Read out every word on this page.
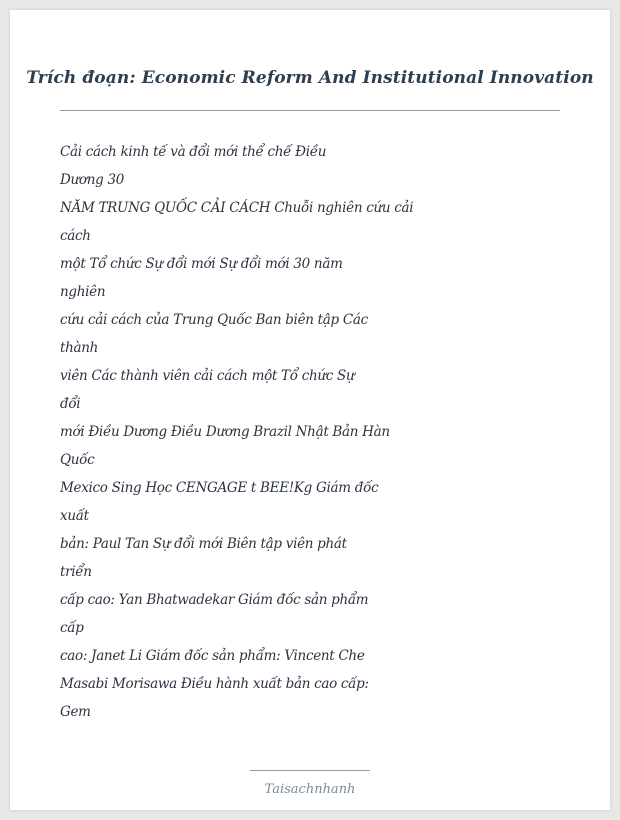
Trích đoạn: Economic Reform And Institutional Innovation
Cải cách kinh tế và đổi mới thể chế Điều
Dương 30
NĂM TRUNG QUỐC CẢI CÁCH Chuỗi nghiên cứu cải
cách
một Tổ chức Sự đổi mới Sự đổi mới 30 năm
nghiên
cứu cải cách của Trung Quốc Ban biên tập Các
thành
viên Các thành viên cải cách một Tổ chức Sự
đổi
mới Điều Dương Điều Dương Brazil Nhật Bản Hàn
Quốc
Mexico Sing Học CENGAGE t BEE!Kg Giám đốc
xuất
bản: Paul Tan Sự đổi mới Biên tập viên phát
triển
cấp cao: Yan Bhatwadekar Giám đốc sản phẩm
cấp
cao: Janet Li Giám đốc sản phẩm: Vincent Che
Masabi Morisawa Điều hành xuất bản cao cấp:
Gem
Taisachnhanh
